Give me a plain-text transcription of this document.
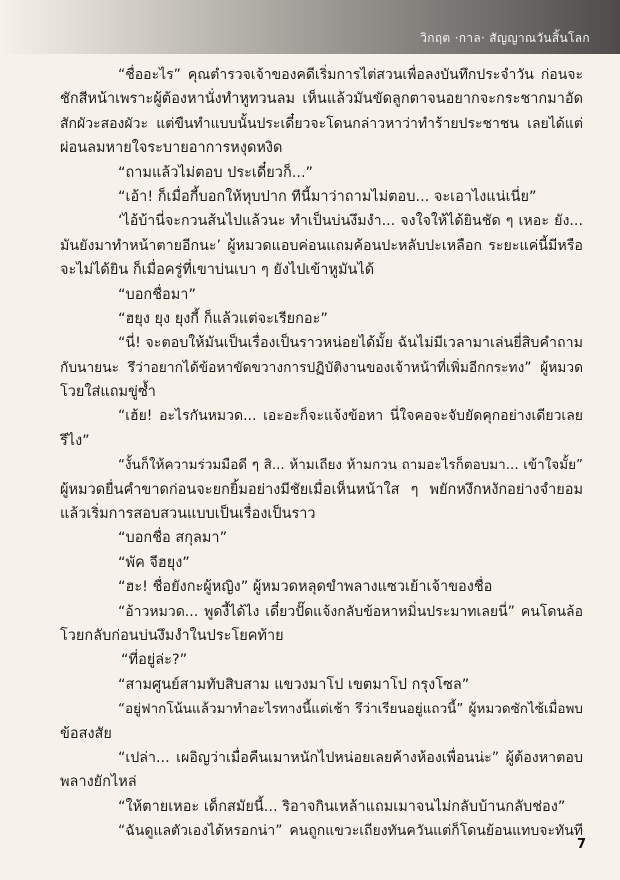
วิกฤต ·กาล· สัญญาณวันสิ้นโลก
“ชื่ออะไร” คุณตำรวจเจ้าของคดีเริ่มการไต่สวนเพื่อลงบันทึกประจำวัน ก่อนจะ
ชักสีหน้าเพราะผู้ต้องหานั่งทำหูทวนลม เห็นแล้วมันขัดลูกตาจนอยากจะกระชากมาอัด
สักผัวะสองผัวะ แต่ขืนทำแบบนั้นประเดี๋ยวจะโดนกล่าวหาว่าทำร้ายประชาชน เลยได้แต่
ผ่อนลมหายใจระบายอาการหงุดหงิด
“ถามแล้วไม่ตอบ ประเดี๋ยวก็...”
“เอ้า! ก็เมื่อกี้บอกให้หุบปาก ทีนี้มาว่าถามไม่ตอบ... จะเอาไงแน่เนี่ย”
‘ไอ้บ้านี่จะกวนส้นไปแล้วนะ ทำเป็นบ่นงึมงำ... จงใจให้ได้ยินชัด ๆ เหอะ ยัง...
มันยังมาทำหน้าตายอีกนะ’ ผู้หมวดแอบค่อนแถมค้อนปะหลับปะเหลือก ระยะแค่นี้มีหรือ
จะไม่ได้ยิน ก็เมื่อครู่ที่เขาบ่นเบา ๆ ยังไปเข้าหูมันได้
“บอกชื่อมา”
“ฮยุง ยุง ยุงกี้ ก็แล้วแต่จะเรียกอะ”
“นี่! จะตอบให้มันเป็นเรื่องเป็นราวหน่อยได้มั้ย ฉันไม่มีเวลามาเล่นยี่สิบคำถาม
กับนายนะ รึว่าอยากได้ข้อหาขัดขวางการปฏิบัติงานของเจ้าหน้าที่เพิ่มอีกกระทง” ผู้หมวด
โวยใส่แถมขู่ซ้ำ
“เฮ้ย! อะไรกันหมวด... เอะอะก็จะแจ้งข้อหา นี่ใจคอจะจับยัดคุกอย่างเดียวเลย
รึไง”
“งั้นก็ให้ความร่วมมือดี ๆ สิ... ห้ามเถียง ห้ามกวน ถามอะไรก็ตอบมา... เข้าใจมั้ย”
ผู้หมวดยื่นคำขาดก่อนจะยกยิ้มอย่างมีชัยเมื่อเห็นหน้าใส ๆ พยักหงึกหงักอย่างจำยอม
แล้วเริ่มการสอบสวนแบบเป็นเรื่องเป็นราว
“บอกชื่อ สกุลมา”
“พัค จีฮยุง”
“ฮะ! ชื่อยังกะผู้หญิง” ผู้หมวดหลุดขำพลางแซวเย้าเจ้าของชื่อ
“อ้าวหมวด... พูดงี้ได้ไง เดี๋ยวปั๊ดแจ้งกลับข้อหาหมิ่นประมาทเลยนี่” คนโดนล้อ
โวยกลับก่อนบ่นงึมงำในประโยคท้าย
“ที่อยู่ล่ะ?”
“สามศูนย์สามทับสิบสาม แขวงมาโป เขตมาโป กรุงโซล”
“อยู่ฟากโน้นแล้วมาทำอะไรทางนี้แต่เช้า รึว่าเรียนอยู่แถวนี้” ผู้หมวดซักไซ้เมื่อพบ
ข้อสงสัย
“เปล่า... เผอิญว่าเมื่อคืนเมาหนักไปหน่อยเลยค้างห้องเพื่อนน่ะ” ผู้ต้องหาตอบ
พลางยักไหล่
“ให้ตายเหอะ เด็กสมัยนี้... ริอาจกินเหล้าแถมเมาจนไม่กลับบ้านกลับช่อง”
“ฉันดูแลตัวเองได้หรอกน่า” คนถูกแขวะเถียงทันควันแต่ก็โดนย้อนแทบจะทันที
7
